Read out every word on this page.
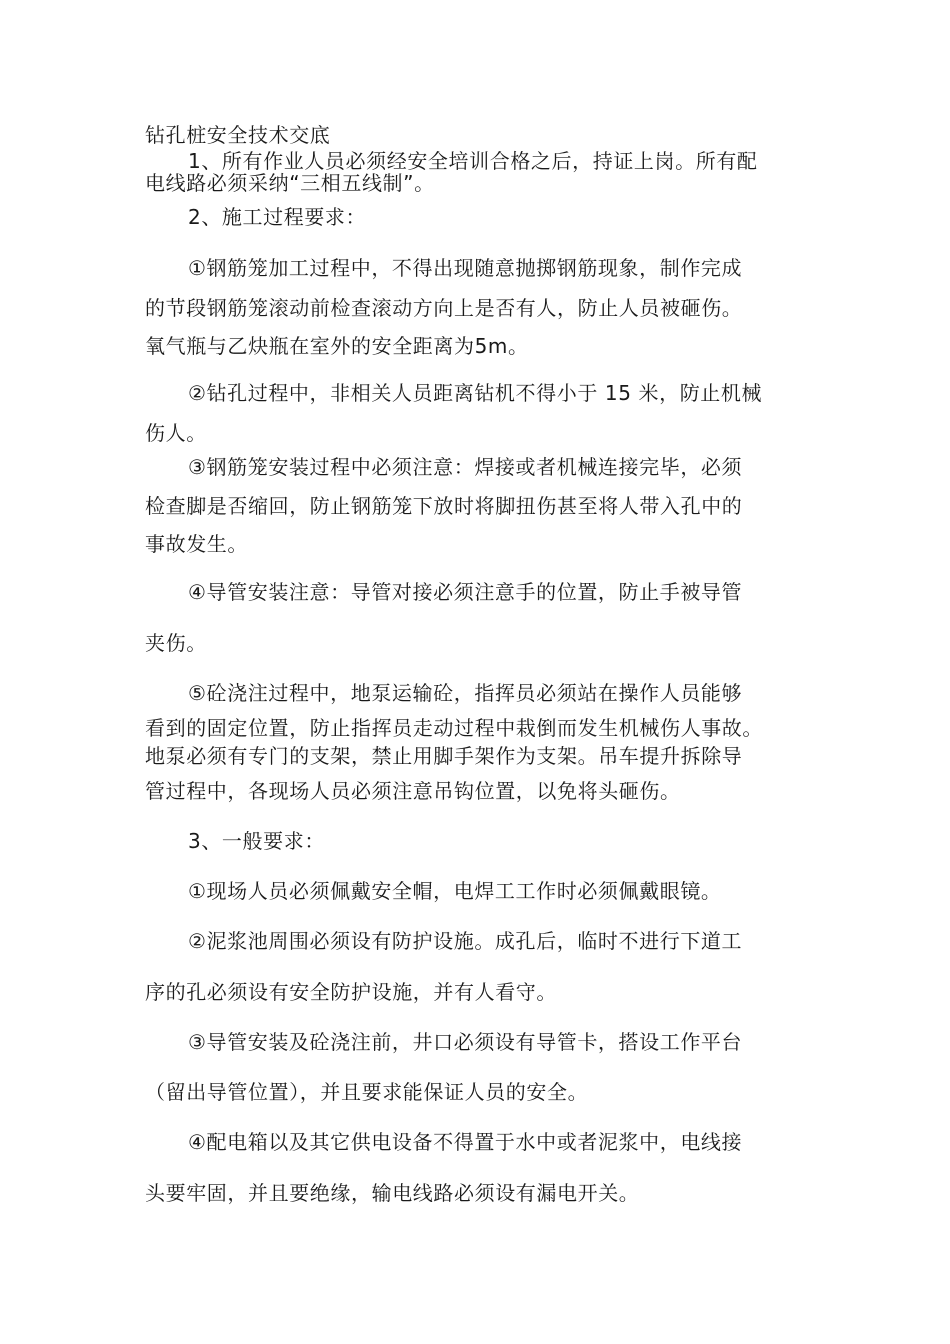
钻孔桩安全技术交底
1、所有作业人员必须经安全培训合格之后，持证上岗。所有配
电线路必须采纳“三相五线制”。
2、施工过程要求：
①钢筋笼加工过程中，不得出现随意抛掷钢筋现象，制作完成
的节段钢筋笼滚动前检查滚动方向上是否有人，防止人员被砸伤。
氧气瓶与乙炔瓶在室外的安全距离为5m。
②钻孔过程中，非相关人员距离钻机不得小于 15 米，防止机械
伤人。
③钢筋笼安装过程中必须注意：焊接或者机械连接完毕，必须
检查脚是否缩回，防止钢筋笼下放时将脚扭伤甚至将人带入孔中的
事故发生。
④导管安装注意：导管对接必须注意手的位置，防止手被导管
夹伤。
⑤砼浇注过程中，地泵运输砼，指挥员必须站在操作人员能够
看到的固定位置，防止指挥员走动过程中栽倒而发生机械伤人事故。
地泵必须有专门的支架，禁止用脚手架作为支架。吊车提升拆除导
管过程中，各现场人员必须注意吊钩位置，以免将头砸伤。
3、一般要求：
①现场人员必须佩戴安全帽，电焊工工作时必须佩戴眼镜。
②泥浆池周围必须设有防护设施。成孔后，临时不进行下道工
序的孔必须设有安全防护设施，并有人看守。
③导管安装及砼浇注前，井口必须设有导管卡，搭设工作平台
（留出导管位置），并且要求能保证人员的安全。
④配电箱以及其它供电设备不得置于水中或者泥浆中，电线接
头要牢固，并且要绝缘，输电线路必须设有漏电开关。
